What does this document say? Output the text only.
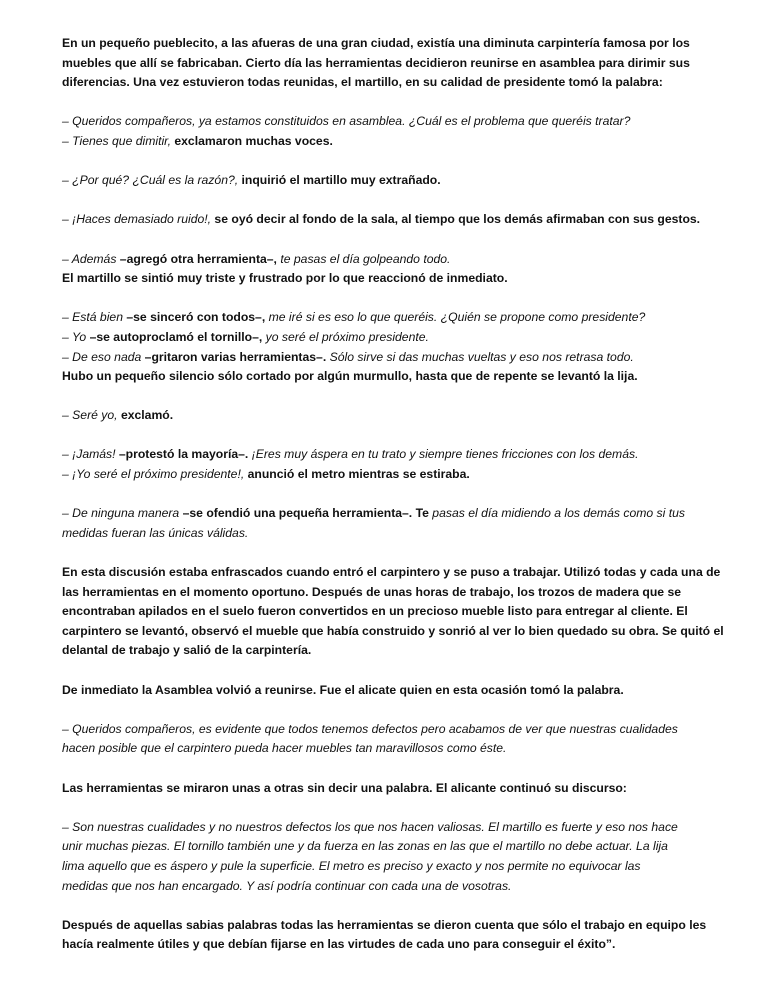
En un pequeño pueblecito, a las afueras de una gran ciudad, existía una diminuta carpintería famosa por los
muebles que allí se fabricaban. Cierto día las herramientas decidieron reunirse en asamblea para dirimir sus
diferencias. Una vez estuvieron todas reunidas, el martillo, en su calidad de presidente tomó la palabra:
– Queridos compañeros, ya estamos constituidos en asamblea. ¿Cuál es el problema que queréis tratar?
– Tienes que dimitir, exclamaron muchas voces.
– ¿Por qué? ¿Cuál es la razón?, inquirió el martillo muy extrañado.
– ¡Haces demasiado ruido!, se oyó decir al fondo de la sala, al tiempo que los demás afirmaban con sus gestos.
– Además –agregó otra herramienta–, te pasas el día golpeando todo.
El martillo se sintió muy triste y frustrado por lo que reaccionó de inmediato.
– Está bien –se sinceró con todos–, me iré si es eso lo que queréis. ¿Quién se propone como presidente?
– Yo –se autoproclamó el tornillo–, yo seré el próximo presidente.
– De eso nada –gritaron varias herramientas–. Sólo sirve si das muchas vueltas y eso nos retrasa todo.
Hubo un pequeño silencio sólo cortado por algún murmullo, hasta que de repente se levantó la lija.
– Seré yo, exclamó.
– ¡Jamás! –protestó la mayoría–. ¡Eres muy áspera en tu trato y siempre tienes fricciones con los demás.
– ¡Yo seré el próximo presidente!, anunció el metro mientras se estiraba.
– De ninguna manera –se ofendió una pequeña herramienta–. Te pasas el día midiendo a los demás como si tus
medidas fueran las únicas válidas.
En esta discusión estaba enfrascados cuando entró el carpintero y se puso a trabajar. Utilizó todas y cada una de
las herramientas en el momento oportuno. Después de unas horas de trabajo, los trozos de madera que se
encontraban apilados en el suelo fueron convertidos en un precioso mueble listo para entregar al cliente. El
carpintero se levantó, observó el mueble que había construido y sonrió al ver lo bien quedado su obra. Se quitó el
delantal de trabajo y salió de la carpintería.
De inmediato la Asamblea volvió a reunirse. Fue el alicate quien en esta ocasión tomó la palabra.
– Queridos compañeros, es evidente que todos tenemos defectos pero acabamos de ver que nuestras cualidades
hacen posible que el carpintero pueda hacer muebles tan maravillosos como éste.
Las herramientas se miraron unas a otras sin decir una palabra. El alicante continuó su discurso:
– Son nuestras cualidades y no nuestros defectos los que nos hacen valiosas. El martillo es fuerte y eso nos hace
unir muchas piezas. El tornillo también une y da fuerza en las zonas en las que el martillo no debe actuar. La lija
lima aquello que es áspero y pule la superficie. El metro es preciso y exacto y nos permite no equivocar las
medidas que nos han encargado. Y así podría continuar con cada una de vosotras.
Después de aquellas sabias palabras todas las herramientas se dieron cuenta que sólo el trabajo en equipo les
hacía realmente útiles y que debían fijarse en las virtudes de cada uno para conseguir el éxito”.
